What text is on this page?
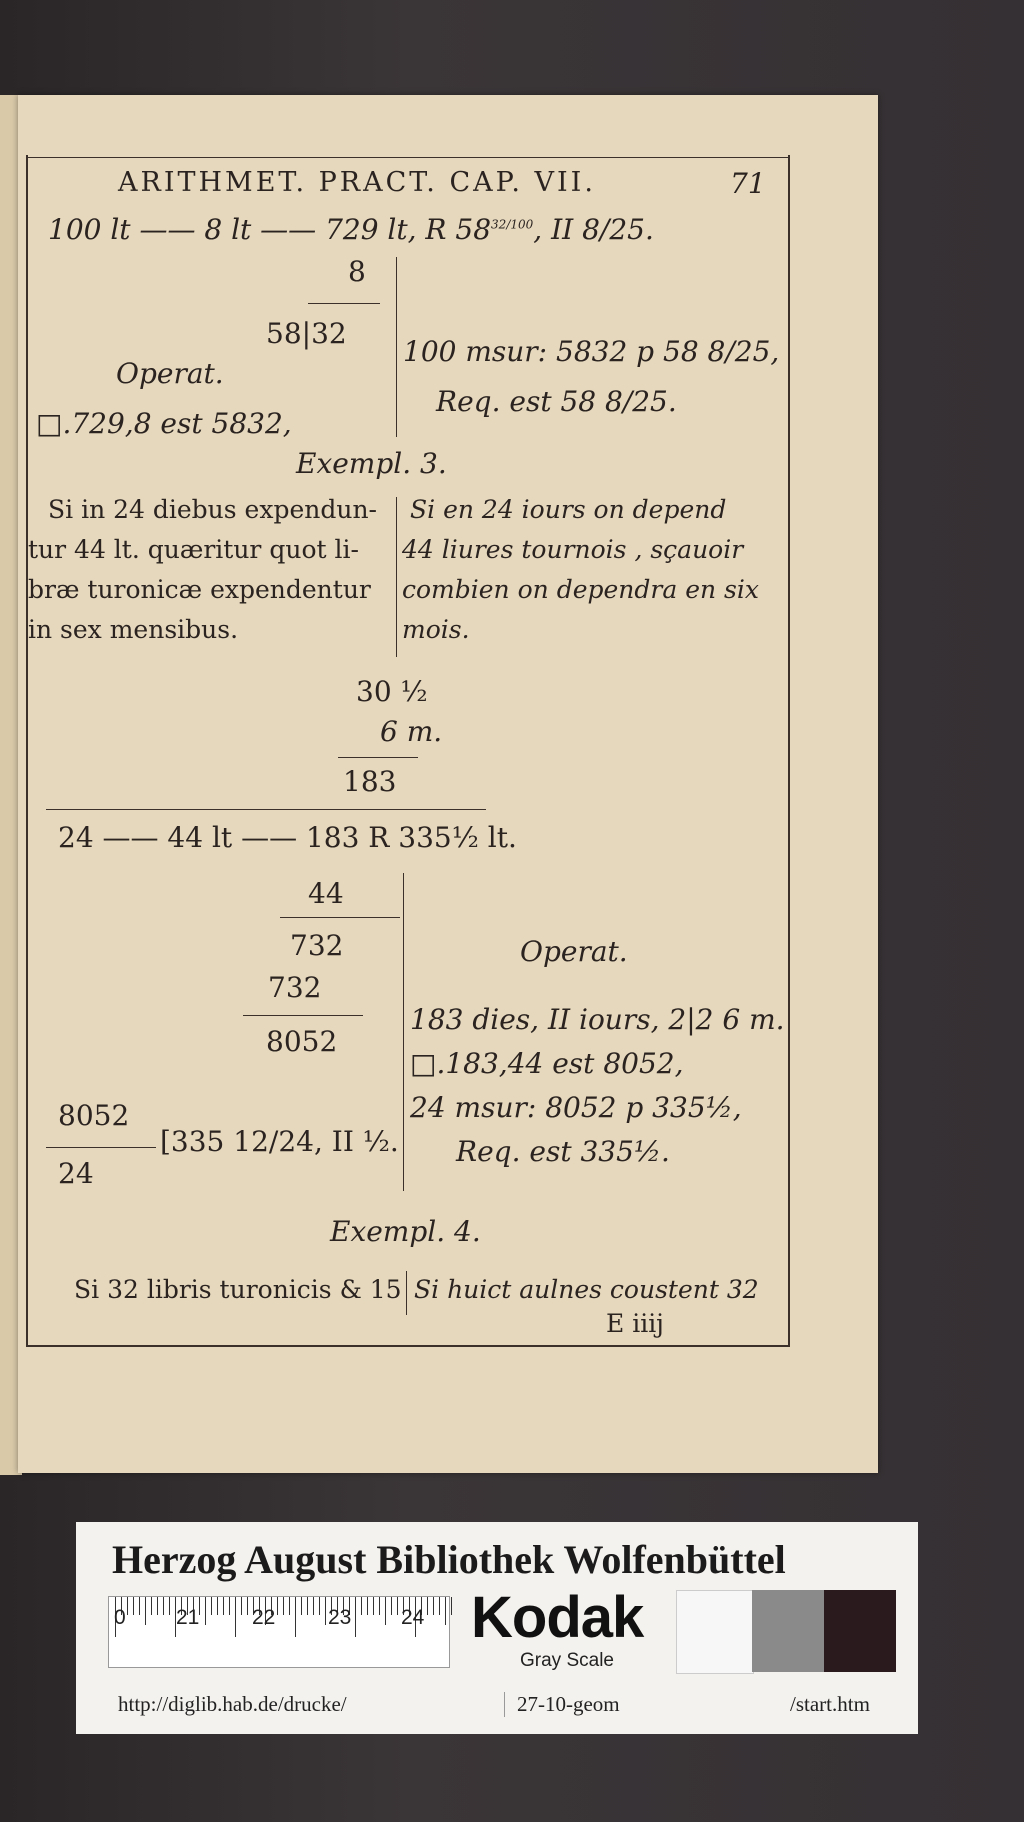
ARITHMET. PRACT. CAP. VII.	71
100 lt —— 8 lt —— 729 lt, R $58^{32/100}$, II 8/25.
8
58|32
Operat.
□.729,8 est 5832,
100 msur: 5832 p 58 8/25,
Req. est 58 8/25.
Exempl. 3.
Si in 24 diebus expendun-
tur 44 lt. quæritur quot li-
bræ turonicæ expendentur
in sex mensibus.
Si en 24 iours on depend
44 liures tournois , sçauoir
combien on dependra en six
mois.
30 ½
6 m.
183
24 —— 44 lt —— 183 R 335½ lt.
44
732
732
8052
8052
24
[335 12/24, II ½.
Operat.
183 dies, II iours, 2|2 6 m.
□.183,44 est 8052,
24 msur: 8052 p 335½,
Req. est 335½.
Exempl. 4.
Si 32 libris turonicis & 15 Si huict aulnes coustent 32
E iiij
Herzog August Bibliothek Wolfenbüttel
0 21	22	23 24 Kodak
Gray Scale
http://diglib.hab.de/drucke/	27-10-geom	/start.htm
